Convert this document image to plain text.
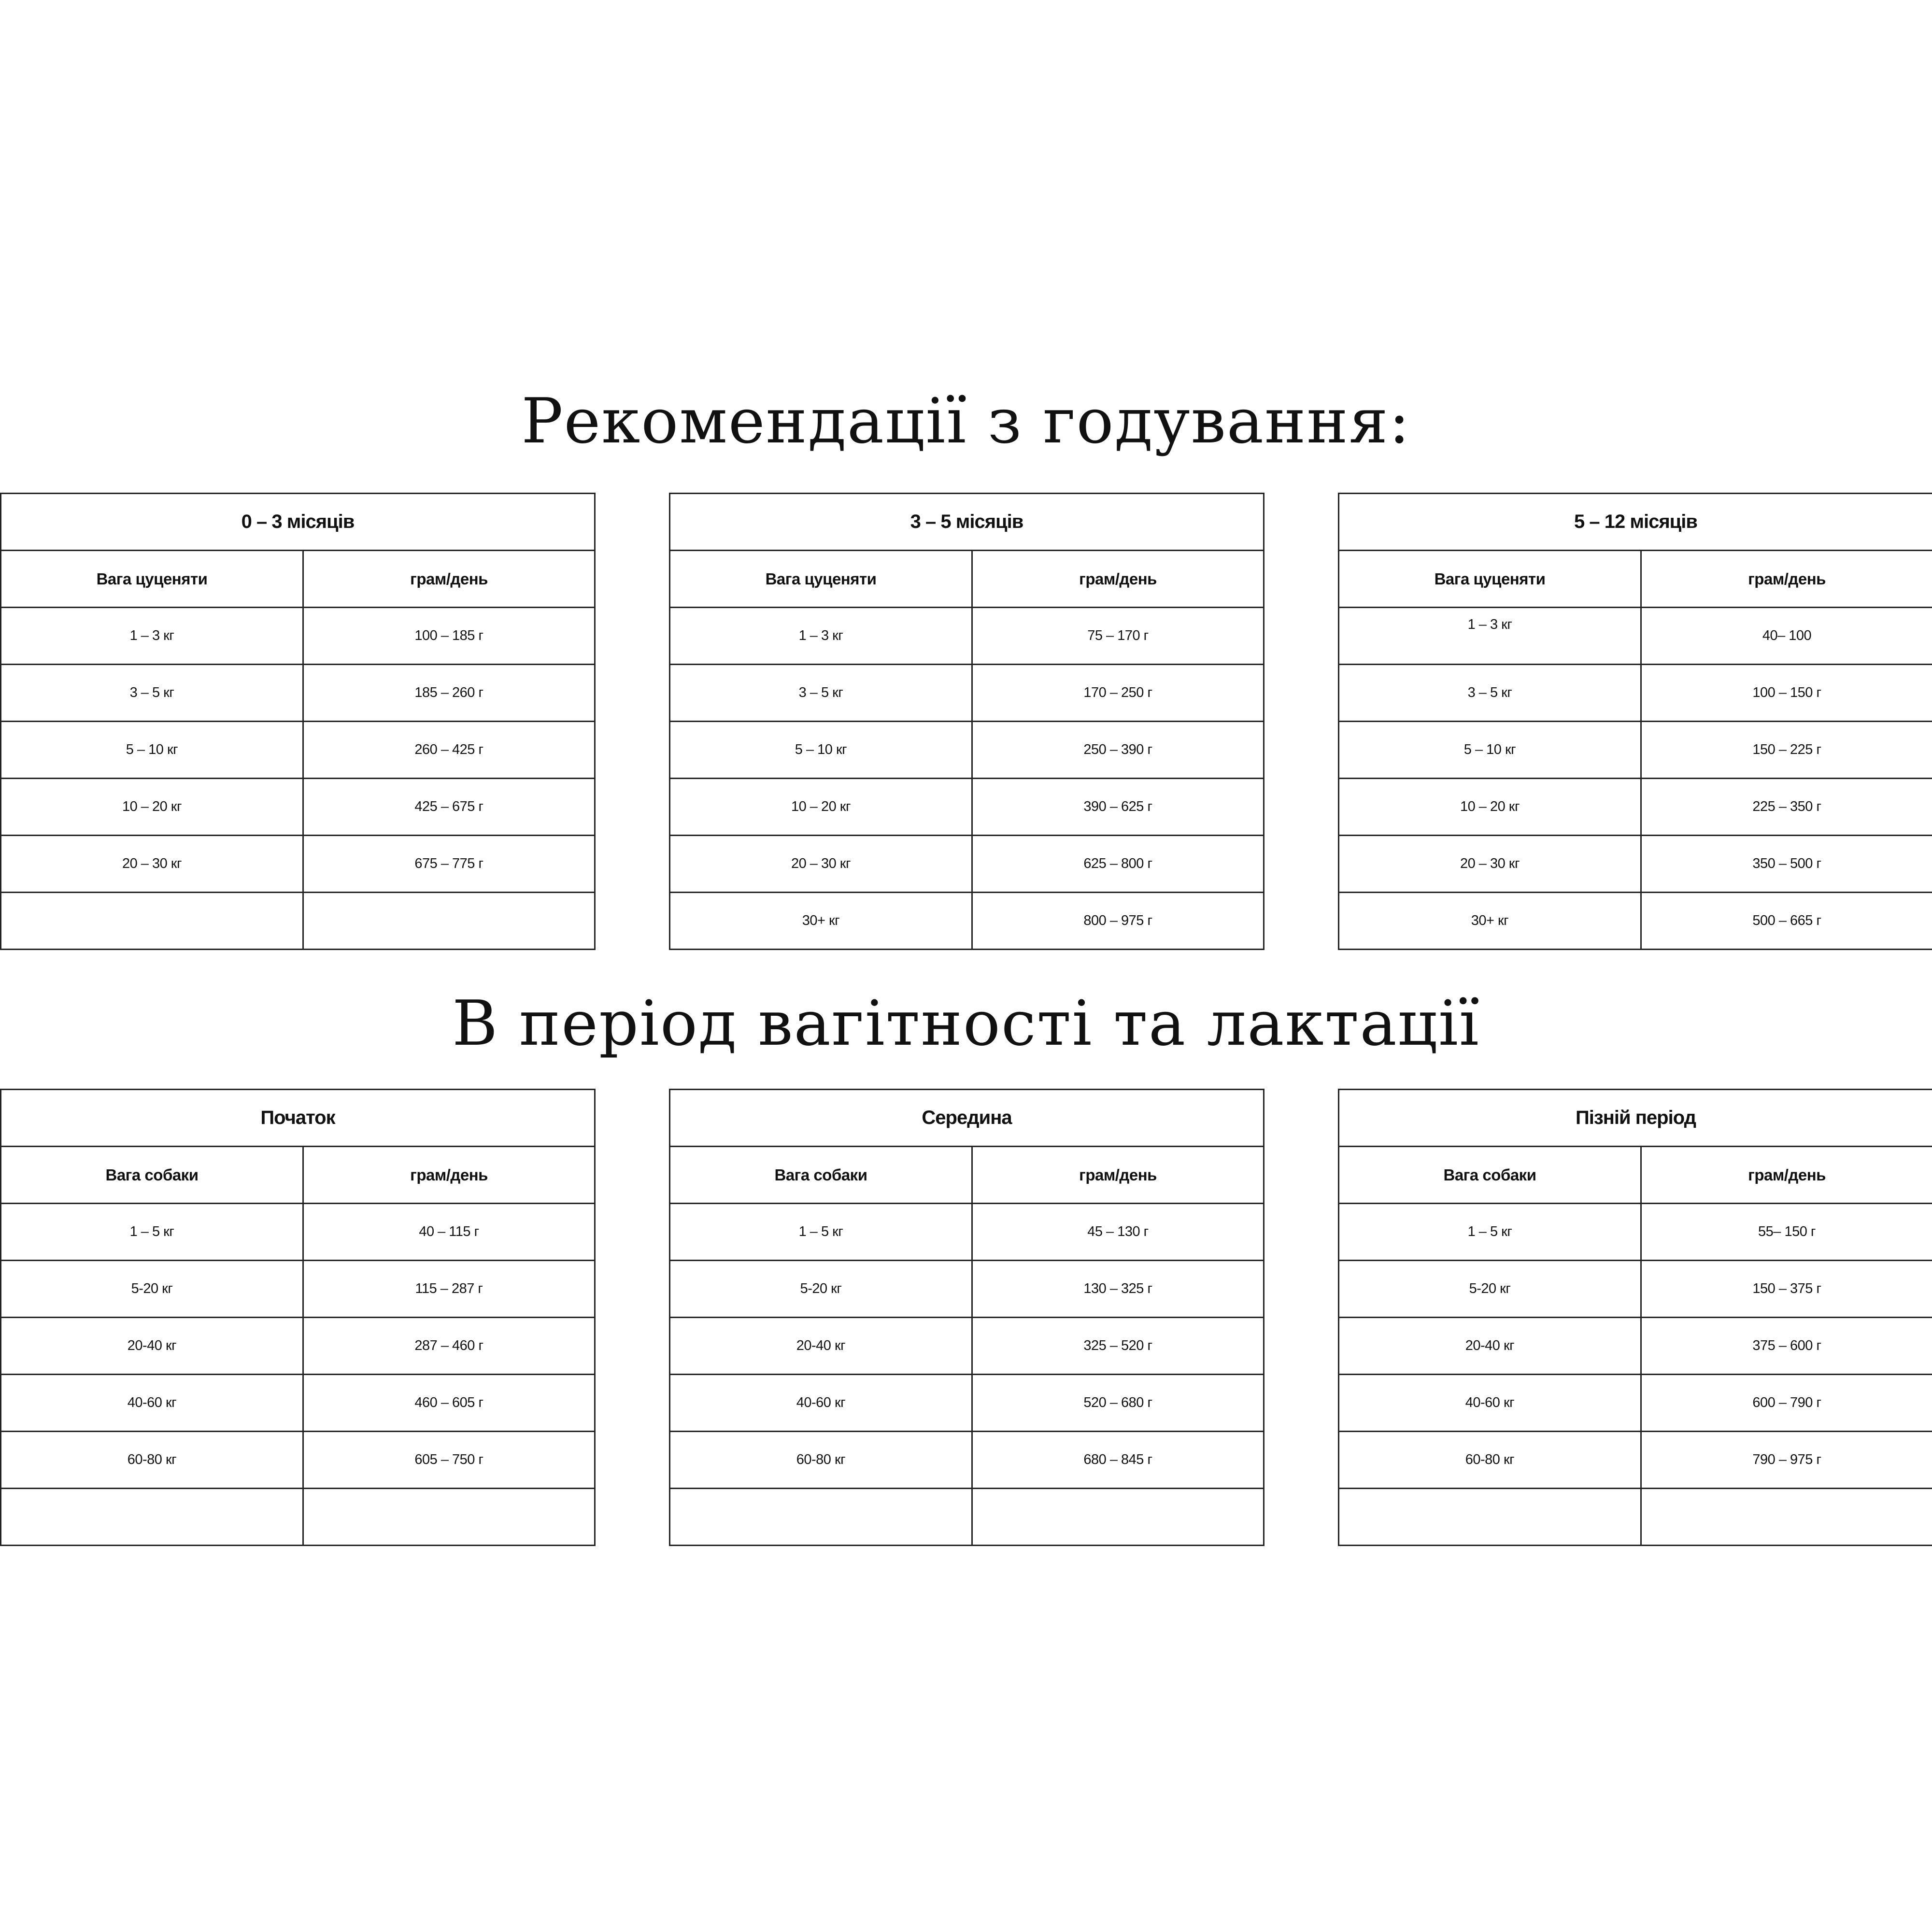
Рекомендації з годування:
0 – 3 місяців	
Вага цуценяти	грам/день
1 – 3 кг	100 – 185 г
3 – 5 кг	185 – 260 г
5 – 10 кг	260 – 425 г
10 – 20 кг	425 – 675 г
20 – 30 кг	675 – 775 г

3 – 5 місяців	
Вага цуценяти	грам/день
1 – 3 кг	75 – 170 г
3 – 5 кг	170 – 250 г
5 – 10 кг	250 – 390 г
10 – 20 кг	390 – 625 г
20 – 30 кг	625 – 800 г
30+ кг	800 – 975 г
5 – 12 місяців	
Вага цуценяти	грам/день
1 – 3 кг	40– 100
3 – 5 кг	100 – 150 г
5 – 10 кг	150 – 225 г
10 – 20 кг	225 – 350 г
20 – 30 кг	350 – 500 г
30+ кг	500 – 665 г
В період вагітності та лактації
Початок	
Вага собаки	грам/день
1 – 5 кг	40 – 115 г
5-20 кг	115 – 287 г
20-40 кг	287 – 460 г
40-60 кг	460 – 605 г
60-80 кг	605 – 750 г

Середина	
Вага собаки	грам/день
1 – 5 кг	45 – 130 г
5-20 кг	130 – 325 г
20-40 кг	325 – 520 г
40-60 кг	520 – 680 г
60-80 кг	680 – 845 г

Пізній період	
Вага собаки	грам/день
1 – 5 кг	55– 150 г
5-20 кг	150 – 375 г
20-40 кг	375 – 600 г
40-60 кг	600 – 790 г
60-80 кг	790 – 975 г
